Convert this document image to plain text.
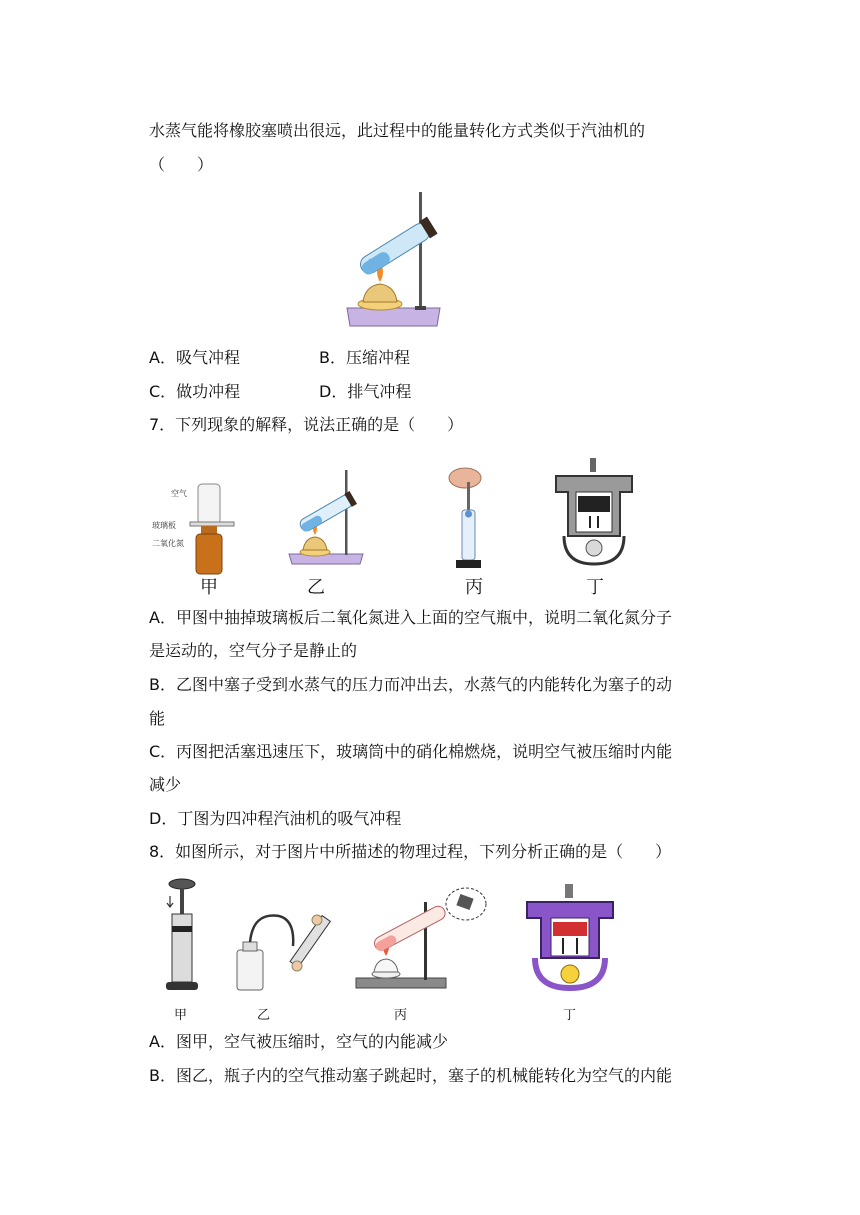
水蒸气能将橡胶塞喷出很远，此过程中的能量转化方式类似于汽油机的
（　　）
A．吸气冲程	B．压缩冲程
C．做功冲程	D．排气冲程
7．下列现象的解释，说法正确的是（　　）
空气
玻璃板
二氧化氮
甲	乙	丙	丁
A．甲图中抽掉玻璃板后二氧化氮进入上面的空气瓶中，说明二氧化氮分子
是运动的，空气分子是静止的
B．乙图中塞子受到水蒸气的压力而冲出去，水蒸气的内能转化为塞子的动
能
C．丙图把活塞迅速压下，玻璃筒中的硝化棉燃烧，说明空气被压缩时内能
减少
D．丁图为四冲程汽油机的吸气冲程
8．如图所示，对于图片中所描述的物理过程，下列分析正确的是（　　）
甲	乙	丙	丁
A．图甲，空气被压缩时，空气的内能减少
B．图乙，瓶子内的空气推动塞子跳起时，塞子的机械能转化为空气的内能
